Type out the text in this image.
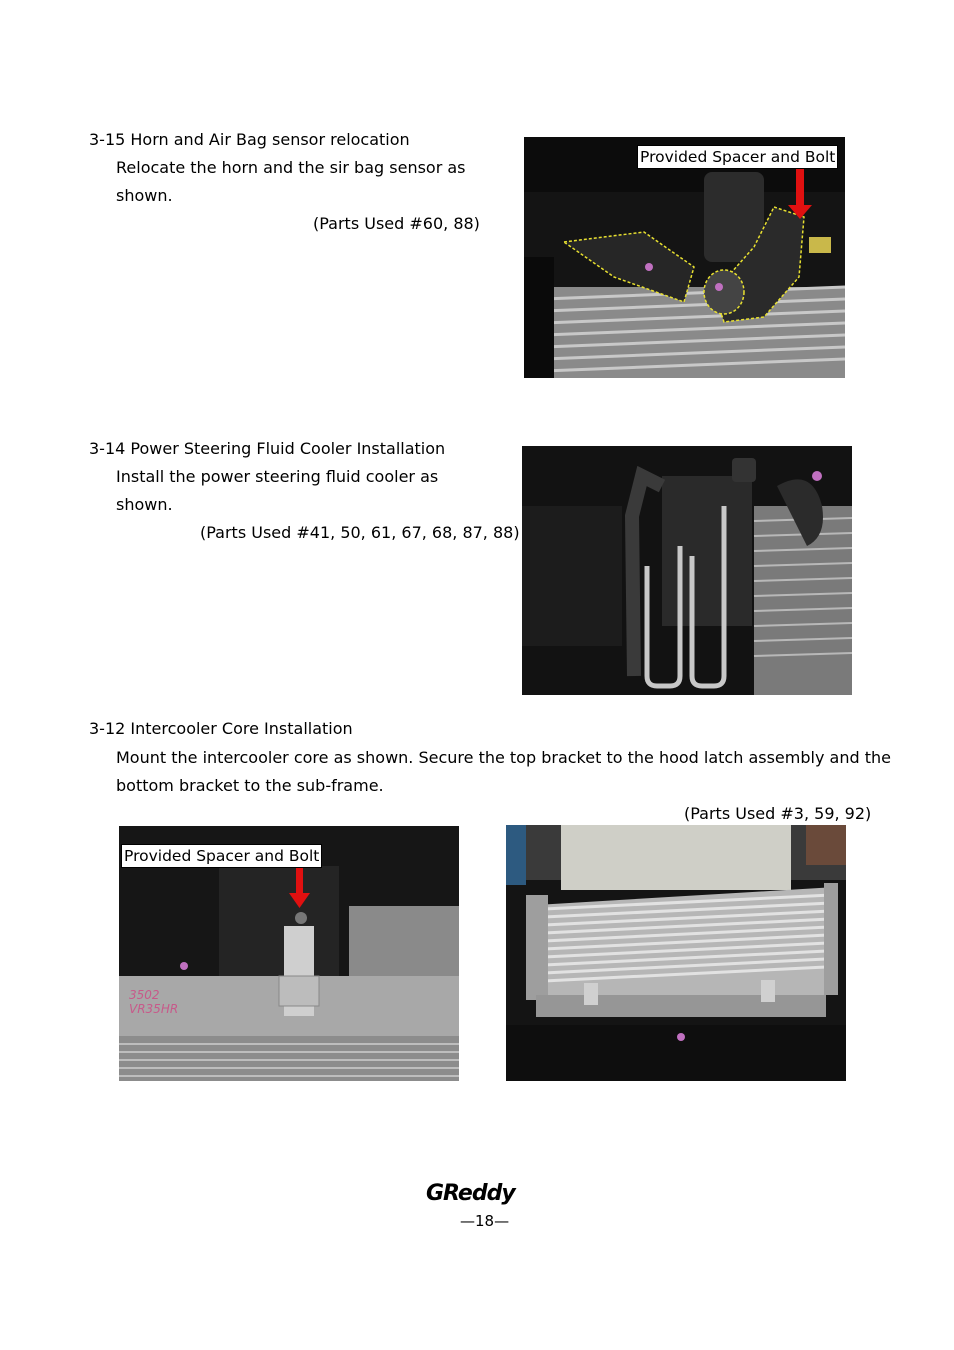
3-15 Horn and Air Bag sensor relocation
Relocate the horn and the sir bag sensor as
shown.
(Parts Used #60, 88)
Provided Spacer and Bolt
3-14 Power Steering Fluid Cooler Installation
Install the power steering fluid cooler as
shown.
(Parts Used #41, 50, 61, 67, 68, 87, 88)
3-12 Intercooler Core Installation
Mount the intercooler core as shown. Secure the top bracket to the hood latch assembly and the
bottom bracket to the sub-frame.
(Parts Used #3, 59, 92)
3502 VR35HR
Provided Spacer and Bolt
GReddy
—18—
